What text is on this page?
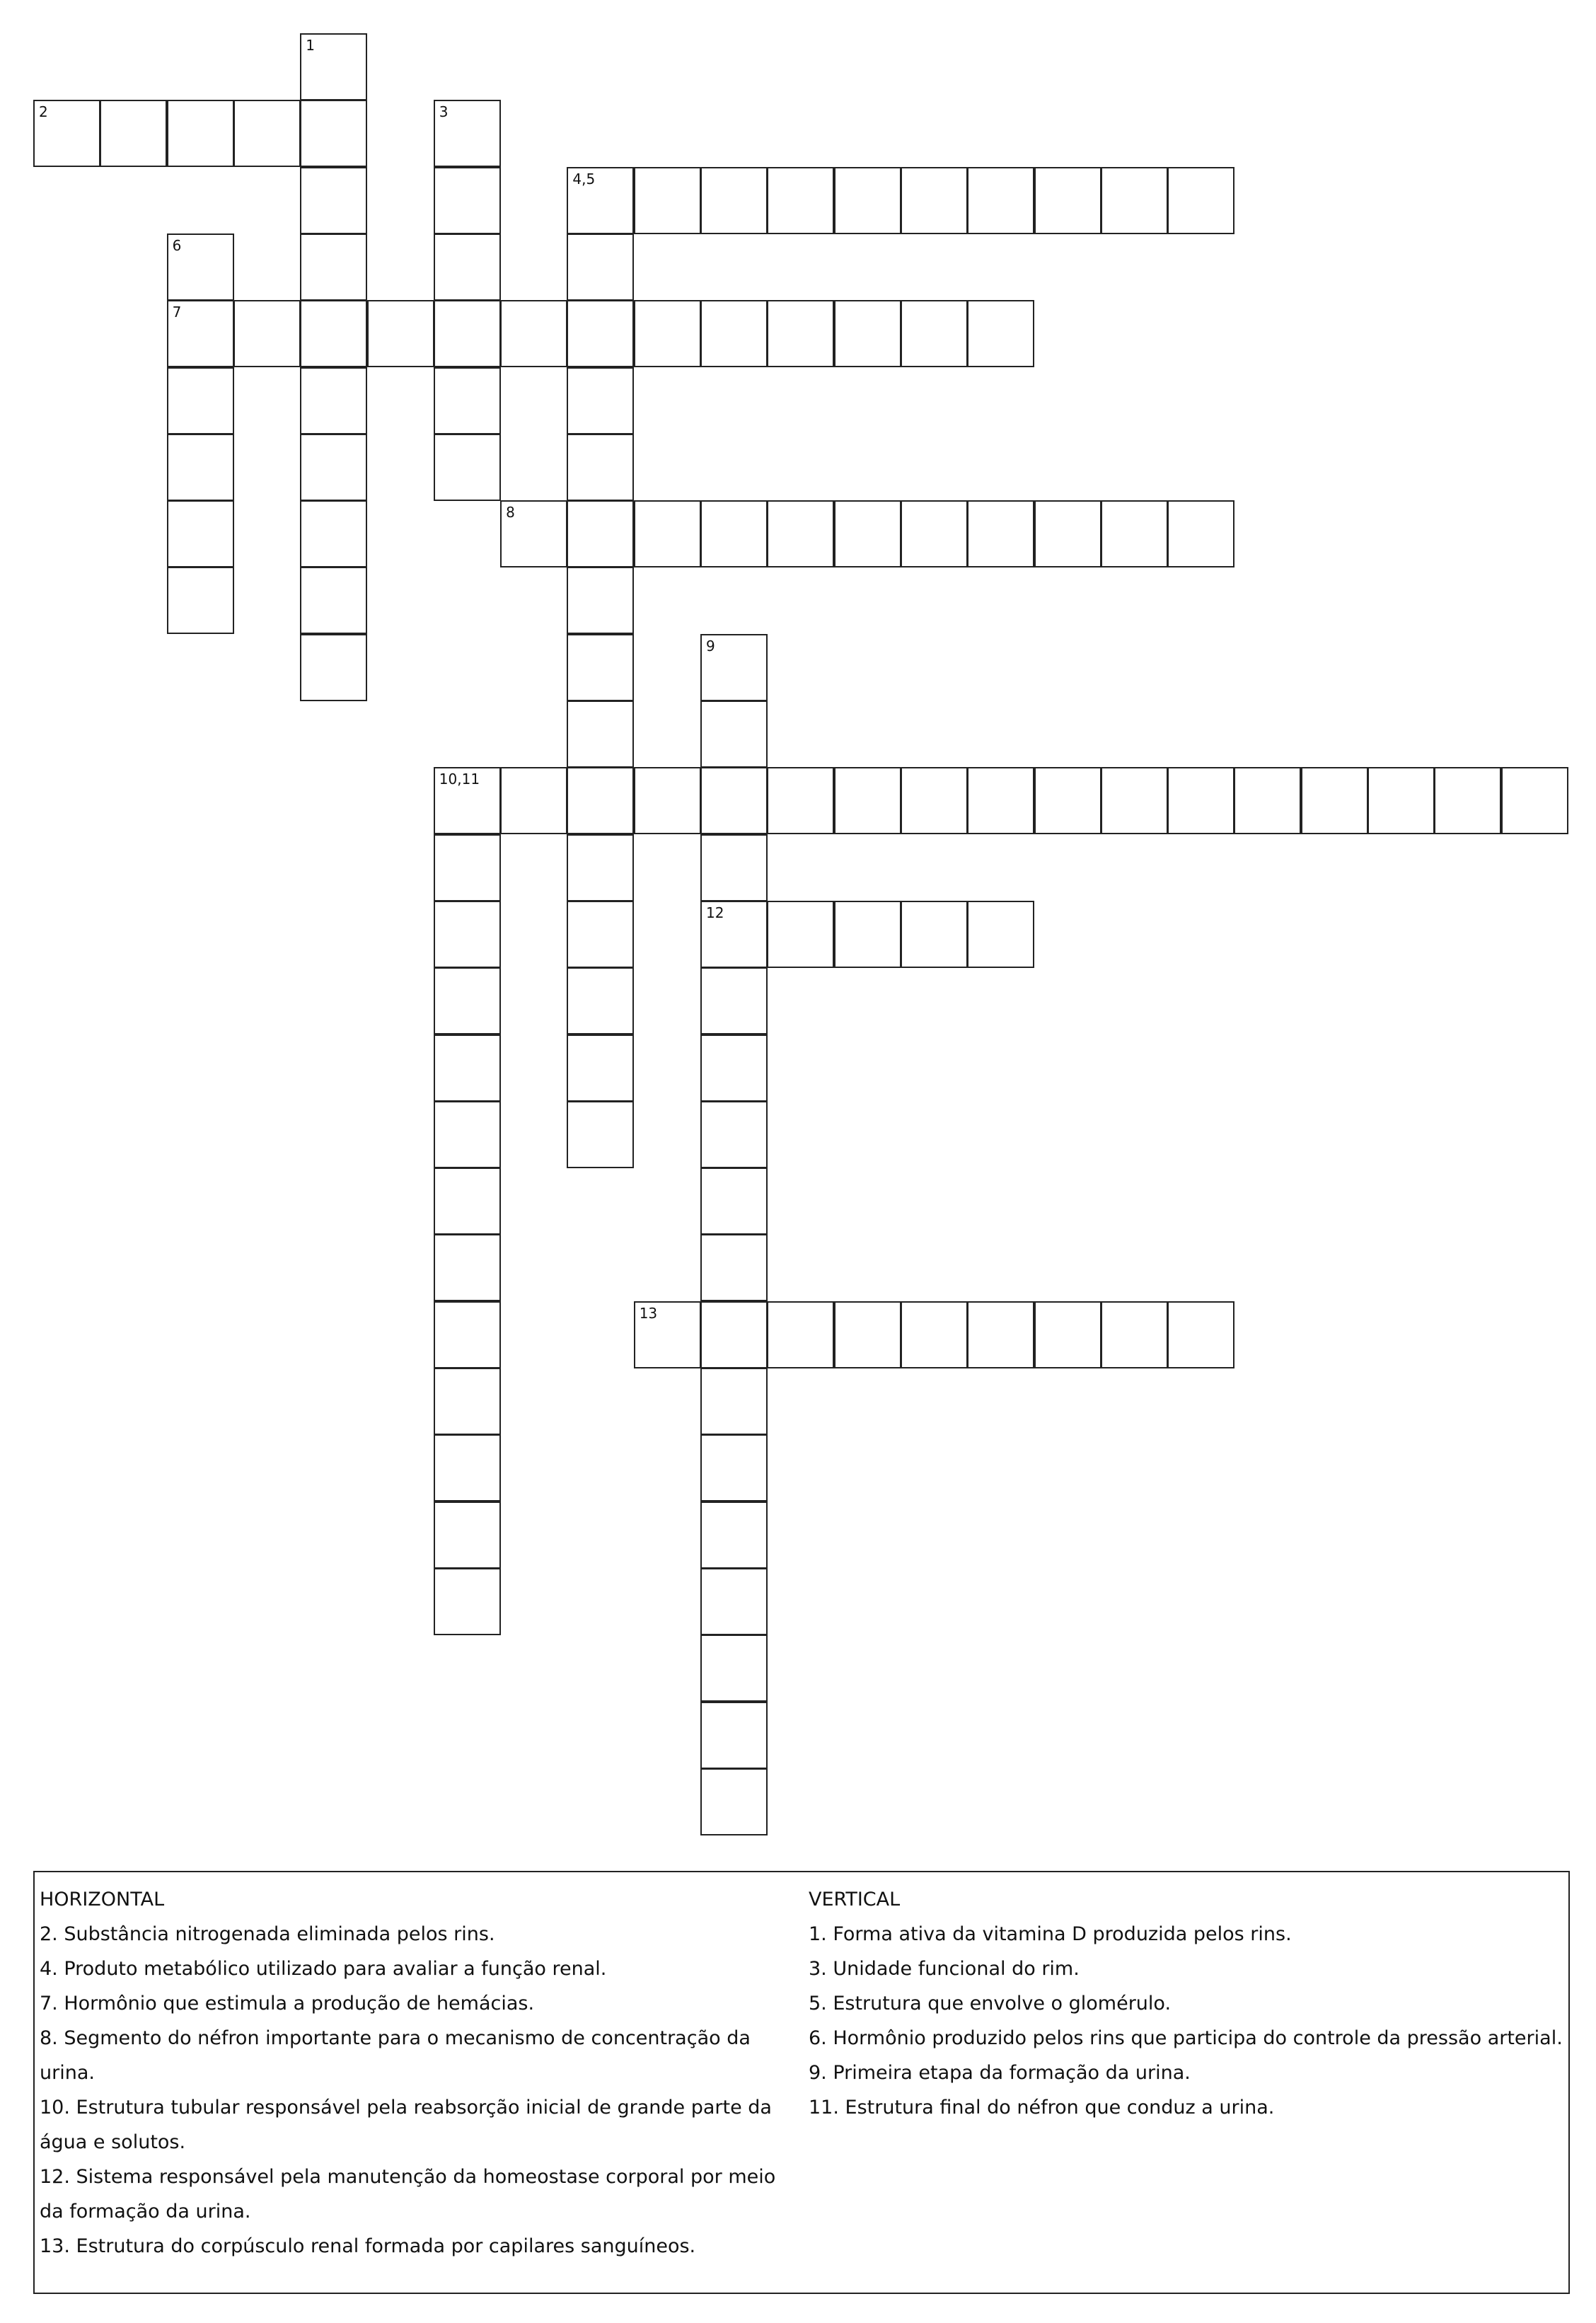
1
2	3
4,5
6
7
8
9
12
10,11
13
HORIZONTAL
2. Substância nitrogenada eliminada pelos rins.
4. Produto metabólico utilizado para avaliar a função renal.
7. Hormônio que estimula a produção de hemácias.
8. Segmento do néfron importante para o mecanismo de concentração da urina.
10. Estrutura tubular responsável pela reabsorção inicial de grande parte da água e solutos.
12. Sistema responsável pela manutenção da homeostase corporal por meio da formação da urina.
13. Estrutura do corpúsculo renal formada por capilares sanguíneos.
VERTICAL
1. Forma ativa da vitamina D produzida pelos rins.
3. Unidade funcional do rim.
5. Estrutura que envolve o glomérulo.
6. Hormônio produzido pelos rins que participa do controle da pressão arterial.
9. Primeira etapa da formação da urina.
11. Estrutura final do néfron que conduz a urina.
